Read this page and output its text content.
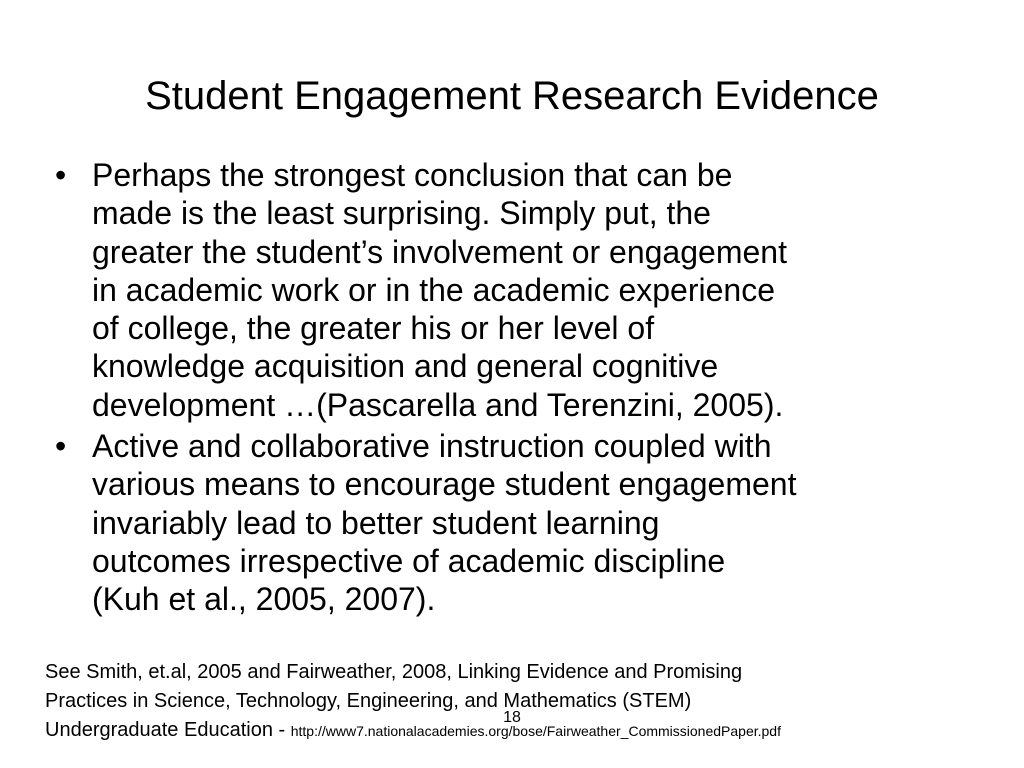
Student Engagement Research Evidence
• Perhaps the strongest conclusion that can be
made is the least surprising. Simply put, the
greater the student’s involvement or engagement
in academic work or in the academic experience
of college, the greater his or her level of
knowledge acquisition and general cognitive
development …(Pascarella and Terenzini, 2005).
• Active and collaborative instruction coupled with
various means to encourage student engagement
invariably lead to better student learning
outcomes irrespective of academic discipline
(Kuh et al., 2005, 2007).
See Smith, et.al, 2005 and Fairweather, 2008, Linking Evidence and Promising
Practices in Science, Technology, Engineering, and Mathematics (STEM)
Undergraduate Education - http://www7.nationalacademies.org/bose/Fairweather_CommissionedPaper.pdf
18
